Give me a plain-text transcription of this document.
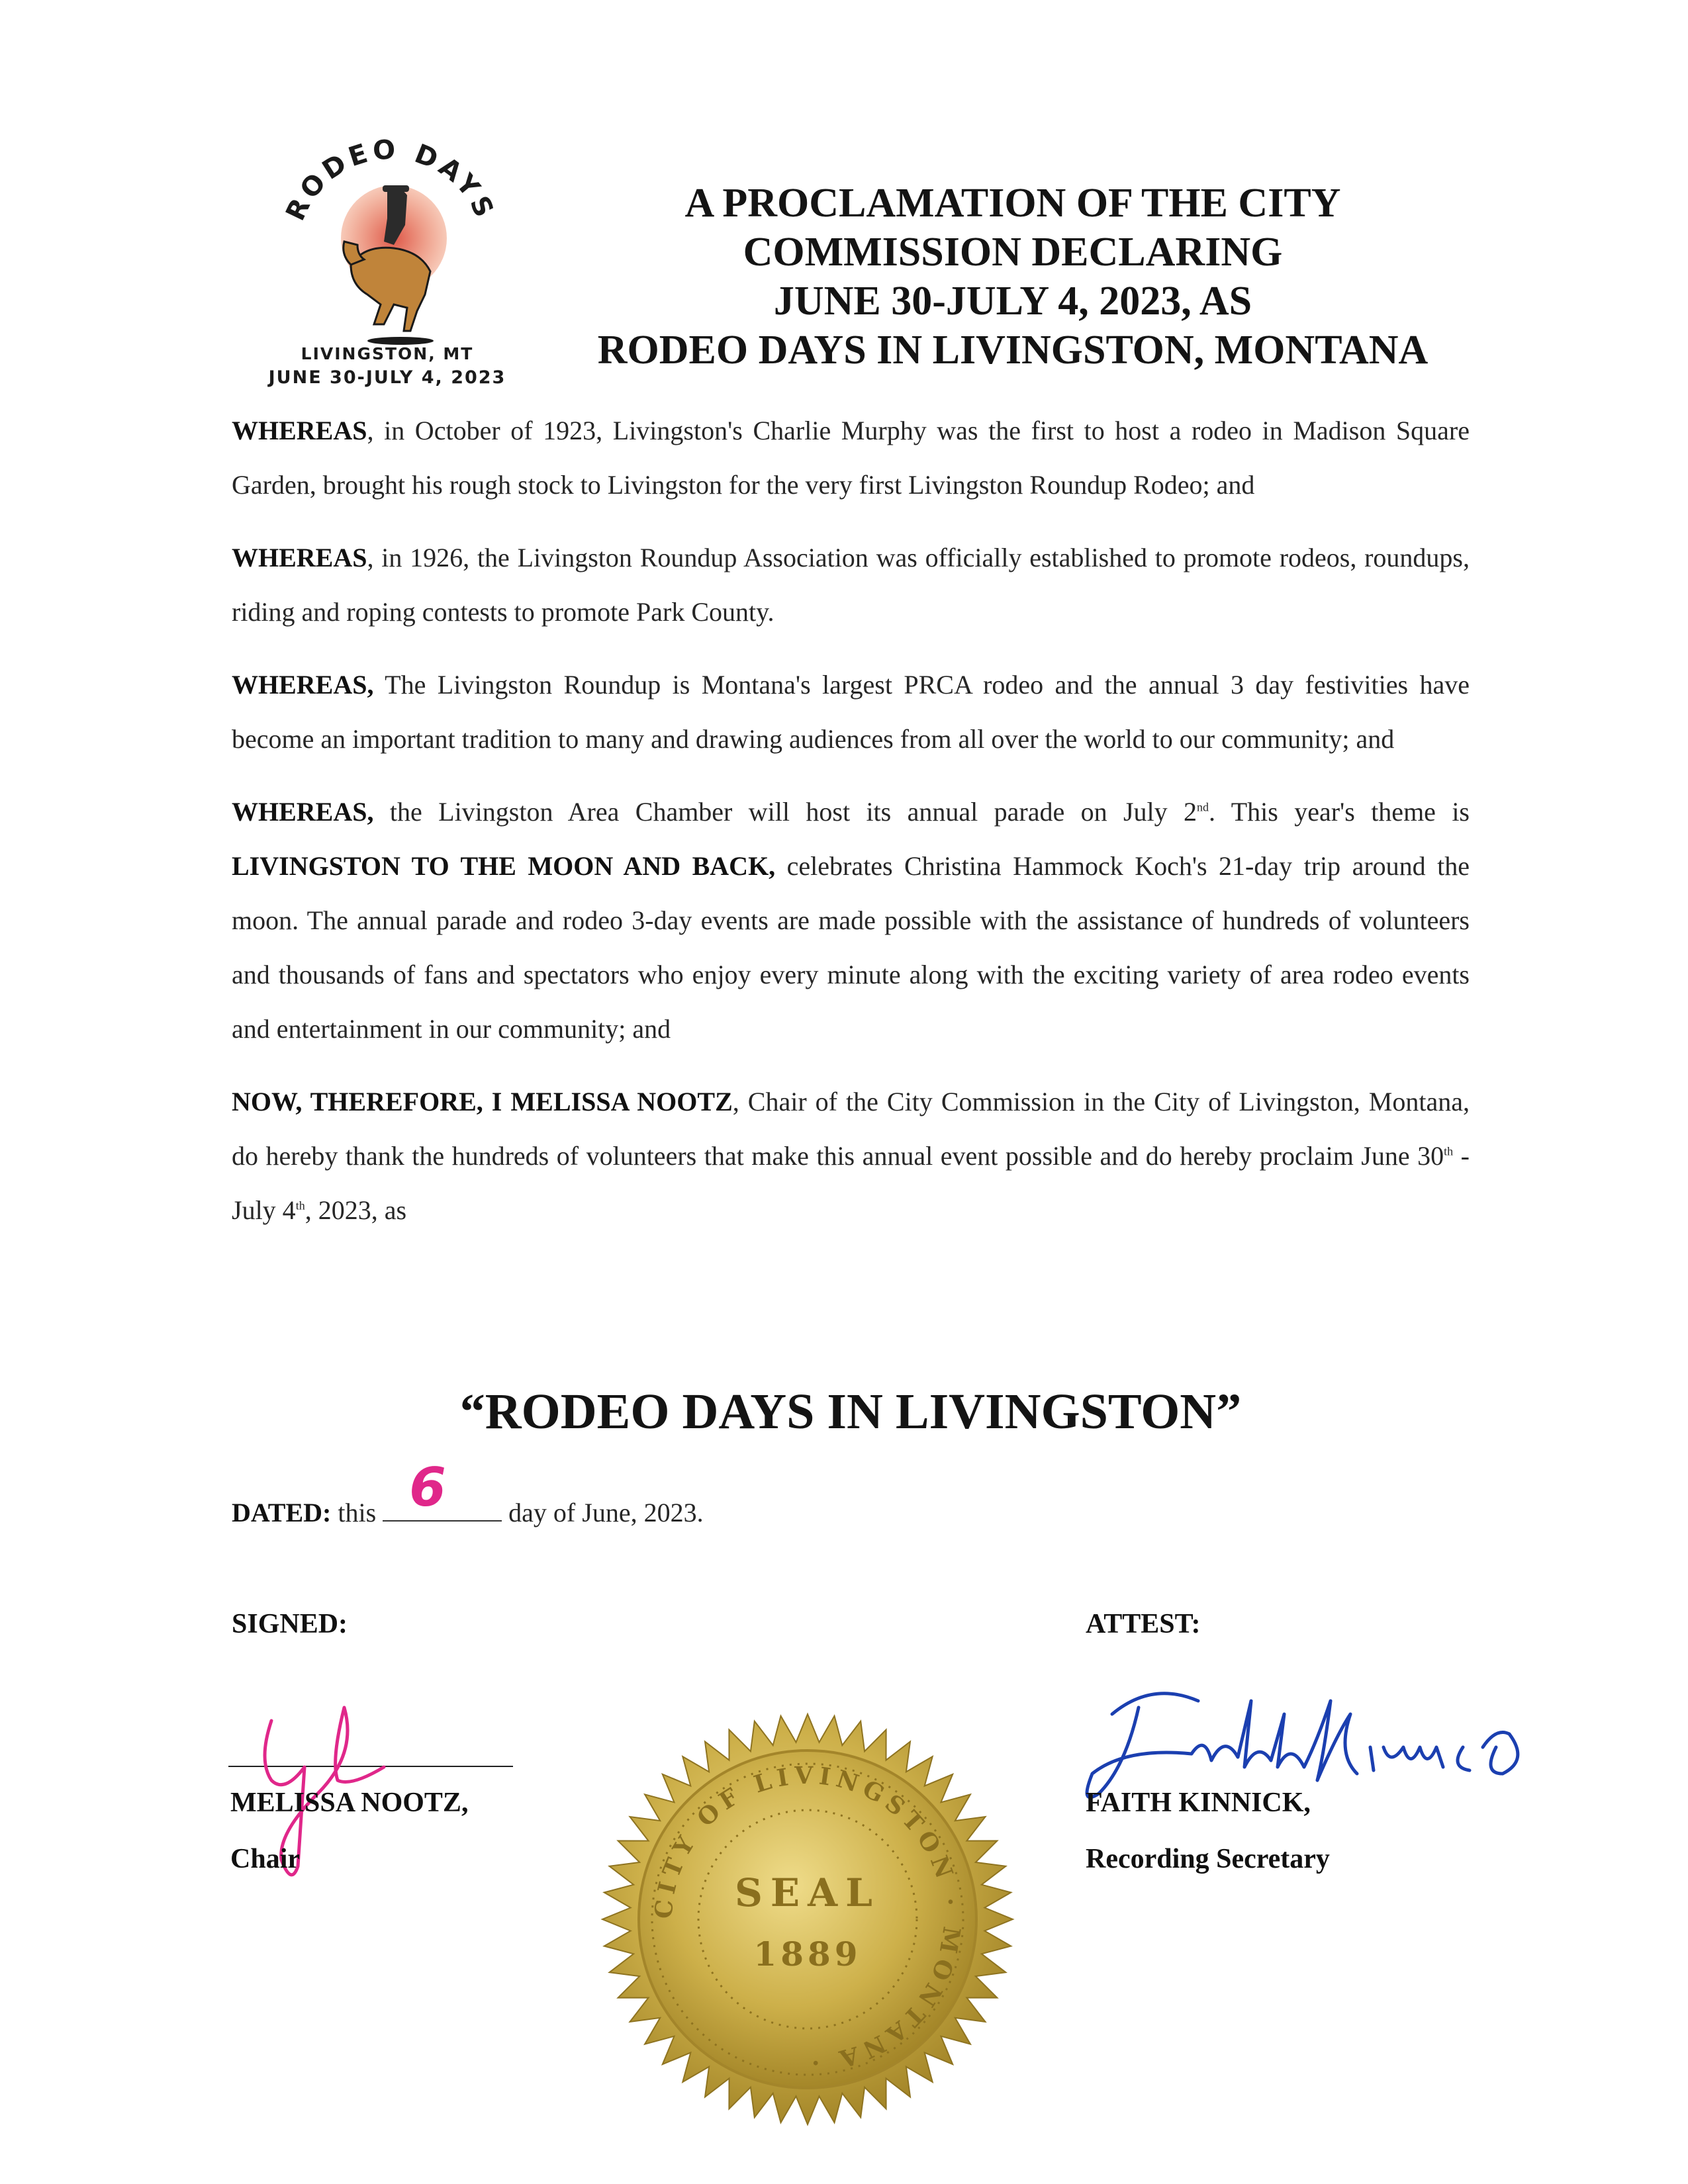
RODEO DAYS
LIVINGSTON, MT
JUNE 30-JULY 4, 2023
A PROCLAMATION OF THE CITY
COMMISSION DECLARING
JUNE 30-JULY 4, 2023, AS
RODEO DAYS IN LIVINGSTON, MONTANA

WHEREAS, in October of 1923, Livingston's Charlie Murphy was the first to host a rodeo in Madison Square Garden, brought his rough stock to Livingston for the very first Livingston Roundup Rodeo; and

WHEREAS, in 1926, the Livingston Roundup Association was officially established to promote rodeos, roundups, riding and roping contests to promote Park County.

WHEREAS, The Livingston Roundup is Montana's largest PRCA rodeo and the annual 3 day festivities have become an important tradition to many and drawing audiences from all over the world to our community; and

WHEREAS, the Livingston Area Chamber will host its annual parade on July 2nd. This year's theme is LIVINGSTON TO THE MOON AND BACK, celebrates Christina Hammock Koch's 21-day trip around the moon. The annual parade and rodeo 3-day events are made possible with the assistance of hundreds of volunteers and thousands of fans and spectators who enjoy every minute along with the exciting variety of area rodeo events and entertainment in our community; and

NOW, THEREFORE, I MELISSA NOOTZ, Chair of the City Commission in the City of Livingston, Montana, do hereby thank the hundreds of volunteers that make this annual event possible and do hereby proclaim June 30th - July 4th, 2023, as

“RODEO DAYS IN LIVINGSTON”
DATED: this 6 day of June, 2023.
SIGNED:	ATTEST:
MELISSA NOOTZ,
Chair
FAITH KINNICK,
Recording Secretary
CITY OF LIVINGSTON · MONTANA ·
SEAL
1889
